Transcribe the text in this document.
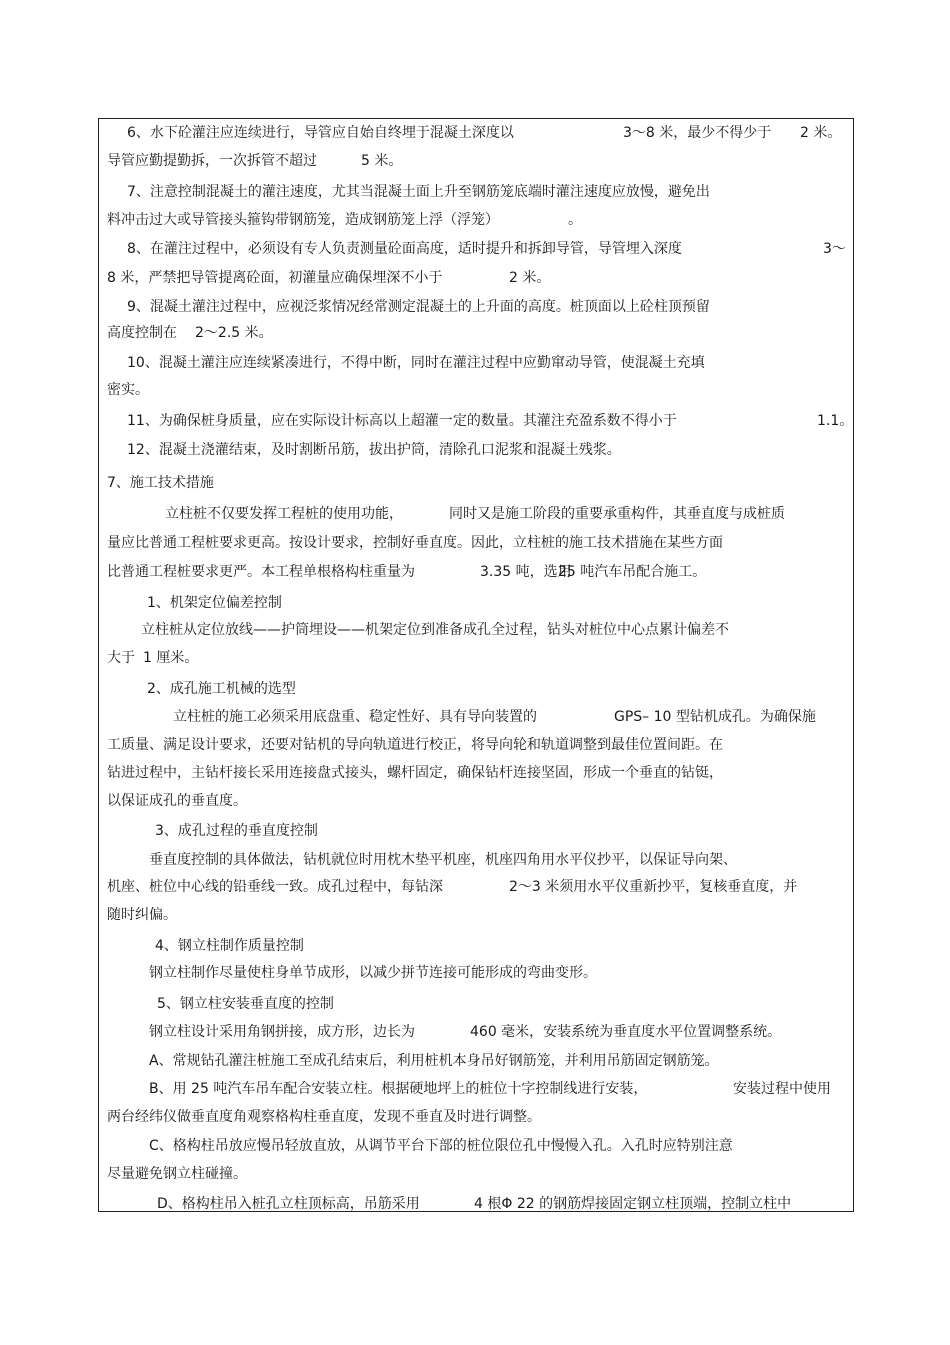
6、水下砼灌注应连续进行，导管应自始自终埋于混凝土深度以	3～8 米，最少不得少于 2 米。
导管应勤提勤拆，一次拆管不超过	5 米。
7、注意控制混凝土的灌注速度，尤其当混凝土面上升至钢筋笼底端时灌注速度应放慢，避免出
料冲击过大或导管接头箍钩带钢筋笼，造成钢筋笼上浮（浮笼）	。
8、在灌注过程中，必须设有专人负责测量砼面高度，适时提升和拆卸导管，导管埋入深度	3～
8 米，严禁把导管提离砼面，初灌量应确保埋深不小于	2 米。
9、混凝土灌注过程中，应视泛浆情况经常测定混凝土的上升面的高度。桩顶面以上砼柱顶预留
高度控制在 2～2.5 米。
10、混凝土灌注应连续紧凑进行，不得中断，同时在灌注过程中应勤窜动导管，使混凝土充填
密实。
11、为确保桩身质量，应在实际设计标高以上超灌一定的数量。其灌注充盈系数不得小于	1.1。
12、混凝土浇灌结束，及时割断吊筋，拔出护筒，清除孔口泥浆和混凝土残浆。
7、施工技术措施
立柱桩不仅要发挥工程桩的使用功能，	同时又是施工阶段的重要承重构件，其垂直度与成桩质
量应比普通工程桩要求更高。按设计要求，控制好垂直度。因此，立柱桩的施工技术措施在某些方面
比普通工程桩要求更严。本工程单根格构柱重量为	3.35 吨，选用
25 吨汽车吊配合施工。
1、机架定位偏差控制
立柱桩从定位放线——护筒埋设——机架定位到准备成孔全过程，钻头对桩位中心点累计偏差不
大于 1 厘米。
2、成孔施工机械的选型
立柱桩的施工必须采用底盘重、稳定性好、具有导向装置的	GPS– 10 型钻机成孔。为确保施
工质量、满足设计要求，还要对钻机的导向轨道进行校正，将导向轮和轨道调整到最佳位置间距。在
钻进过程中，主钻杆接长采用连接盘式接头，螺杆固定，确保钻杆连接坚固，形成一个垂直的钻铤，
以保证成孔的垂直度。
3、成孔过程的垂直度控制
垂直度控制的具体做法，钻机就位时用枕木垫平机座，机座四角用水平仪抄平，以保证导向架、
机座、桩位中心线的铅垂线一致。成孔过程中，每钻深	2～3 米须用水平仪重新抄平，复核垂直度，并
随时纠偏。
4、钢立柱制作质量控制
钢立柱制作尽量使柱身单节成形，以减少拼节连接可能形成的弯曲变形。
5、钢立柱安装垂直度的控制
钢立柱设计采用角钢拼接，成方形，边长为	460 毫米，安装系统为垂直度水平位置调整系统。
A、常规钻孔灌注桩施工至成孔结束后，利用桩机本身吊好钢筋笼，并利用吊筋固定钢筋笼。
B、用 25 吨汽车吊车配合安装立柱。根据硬地坪上的桩位十字控制线进行安装，	安装过程中使用
两台经纬仪做垂直度角观察格构柱垂直度，发现不垂直及时进行调整。
C、格构柱吊放应慢吊轻放直放，从调节平台下部的桩位限位孔中慢慢入孔。入孔时应特别注意
尽量避免钢立柱碰撞。
D、格构柱吊入桩孔立柱顶标高，吊筋采用	4 根Φ 22 的钢筋焊接固定钢立柱顶端，控制立柱中
